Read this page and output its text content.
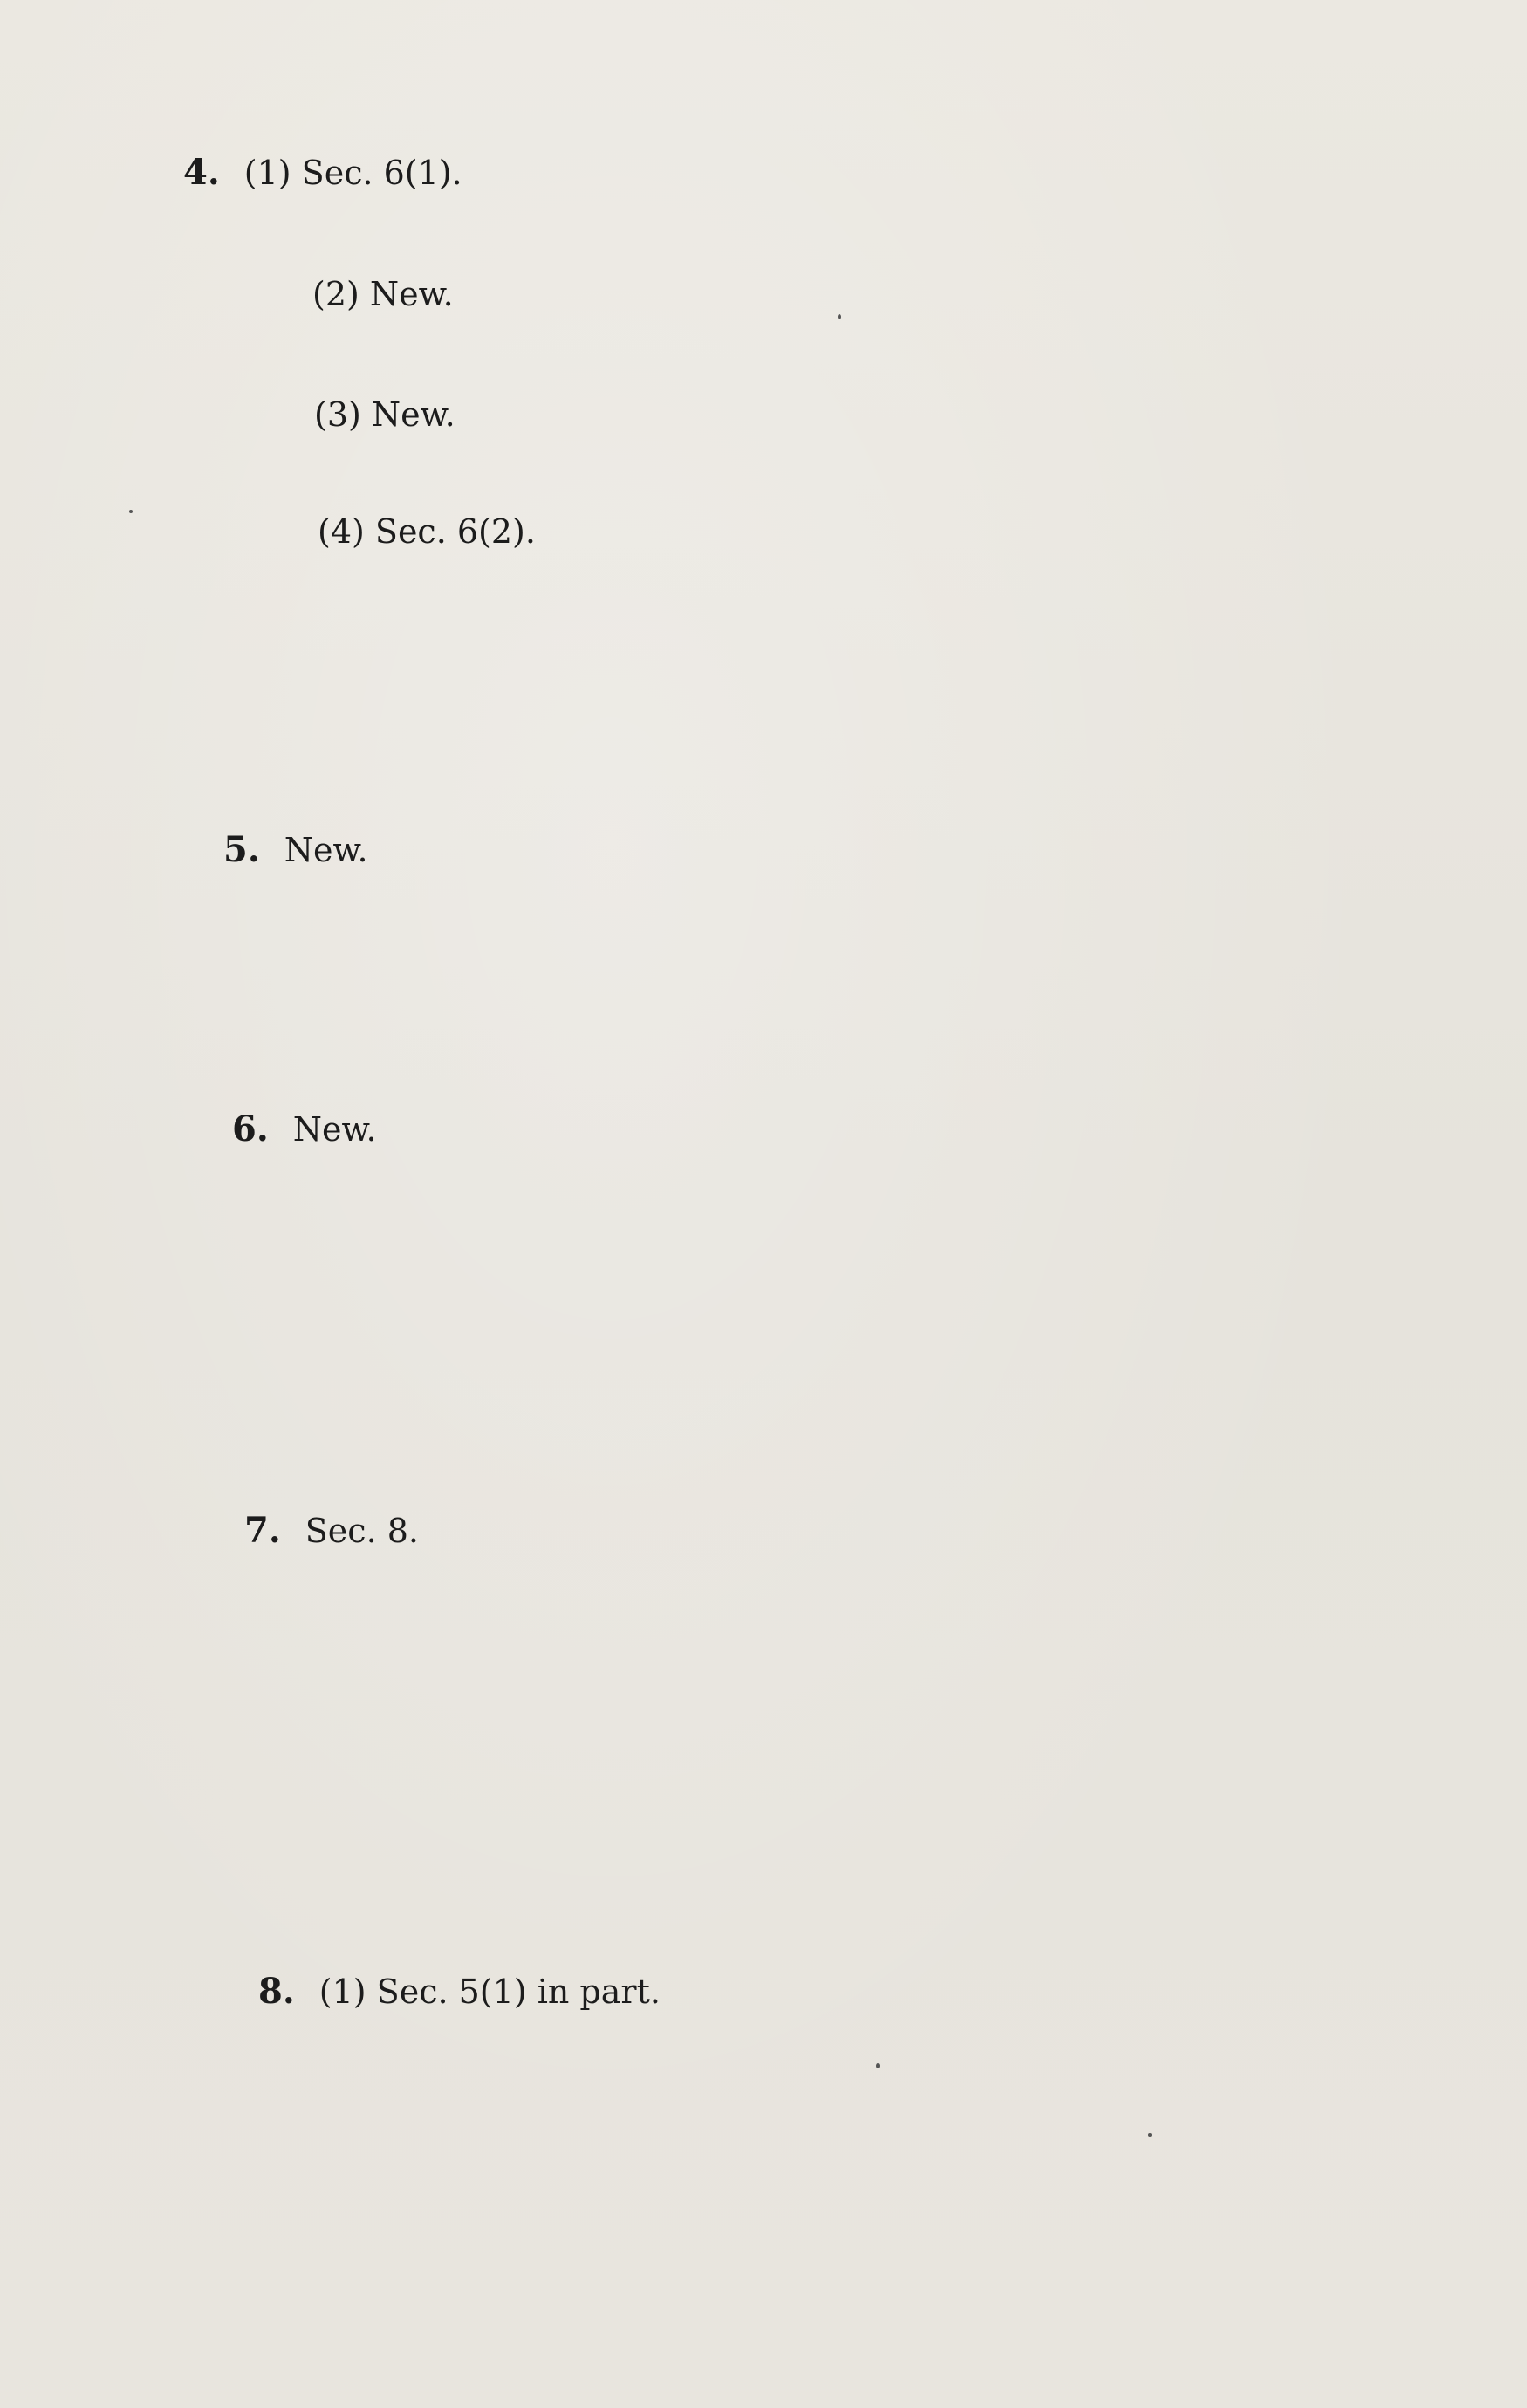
4. (1) Sec. 6(1).
(2) New.
(3) New.
(4) Sec. 6(2).
5. New.
6. New.
7. Sec. 8.
8. (1) Sec. 5(1) in part.
